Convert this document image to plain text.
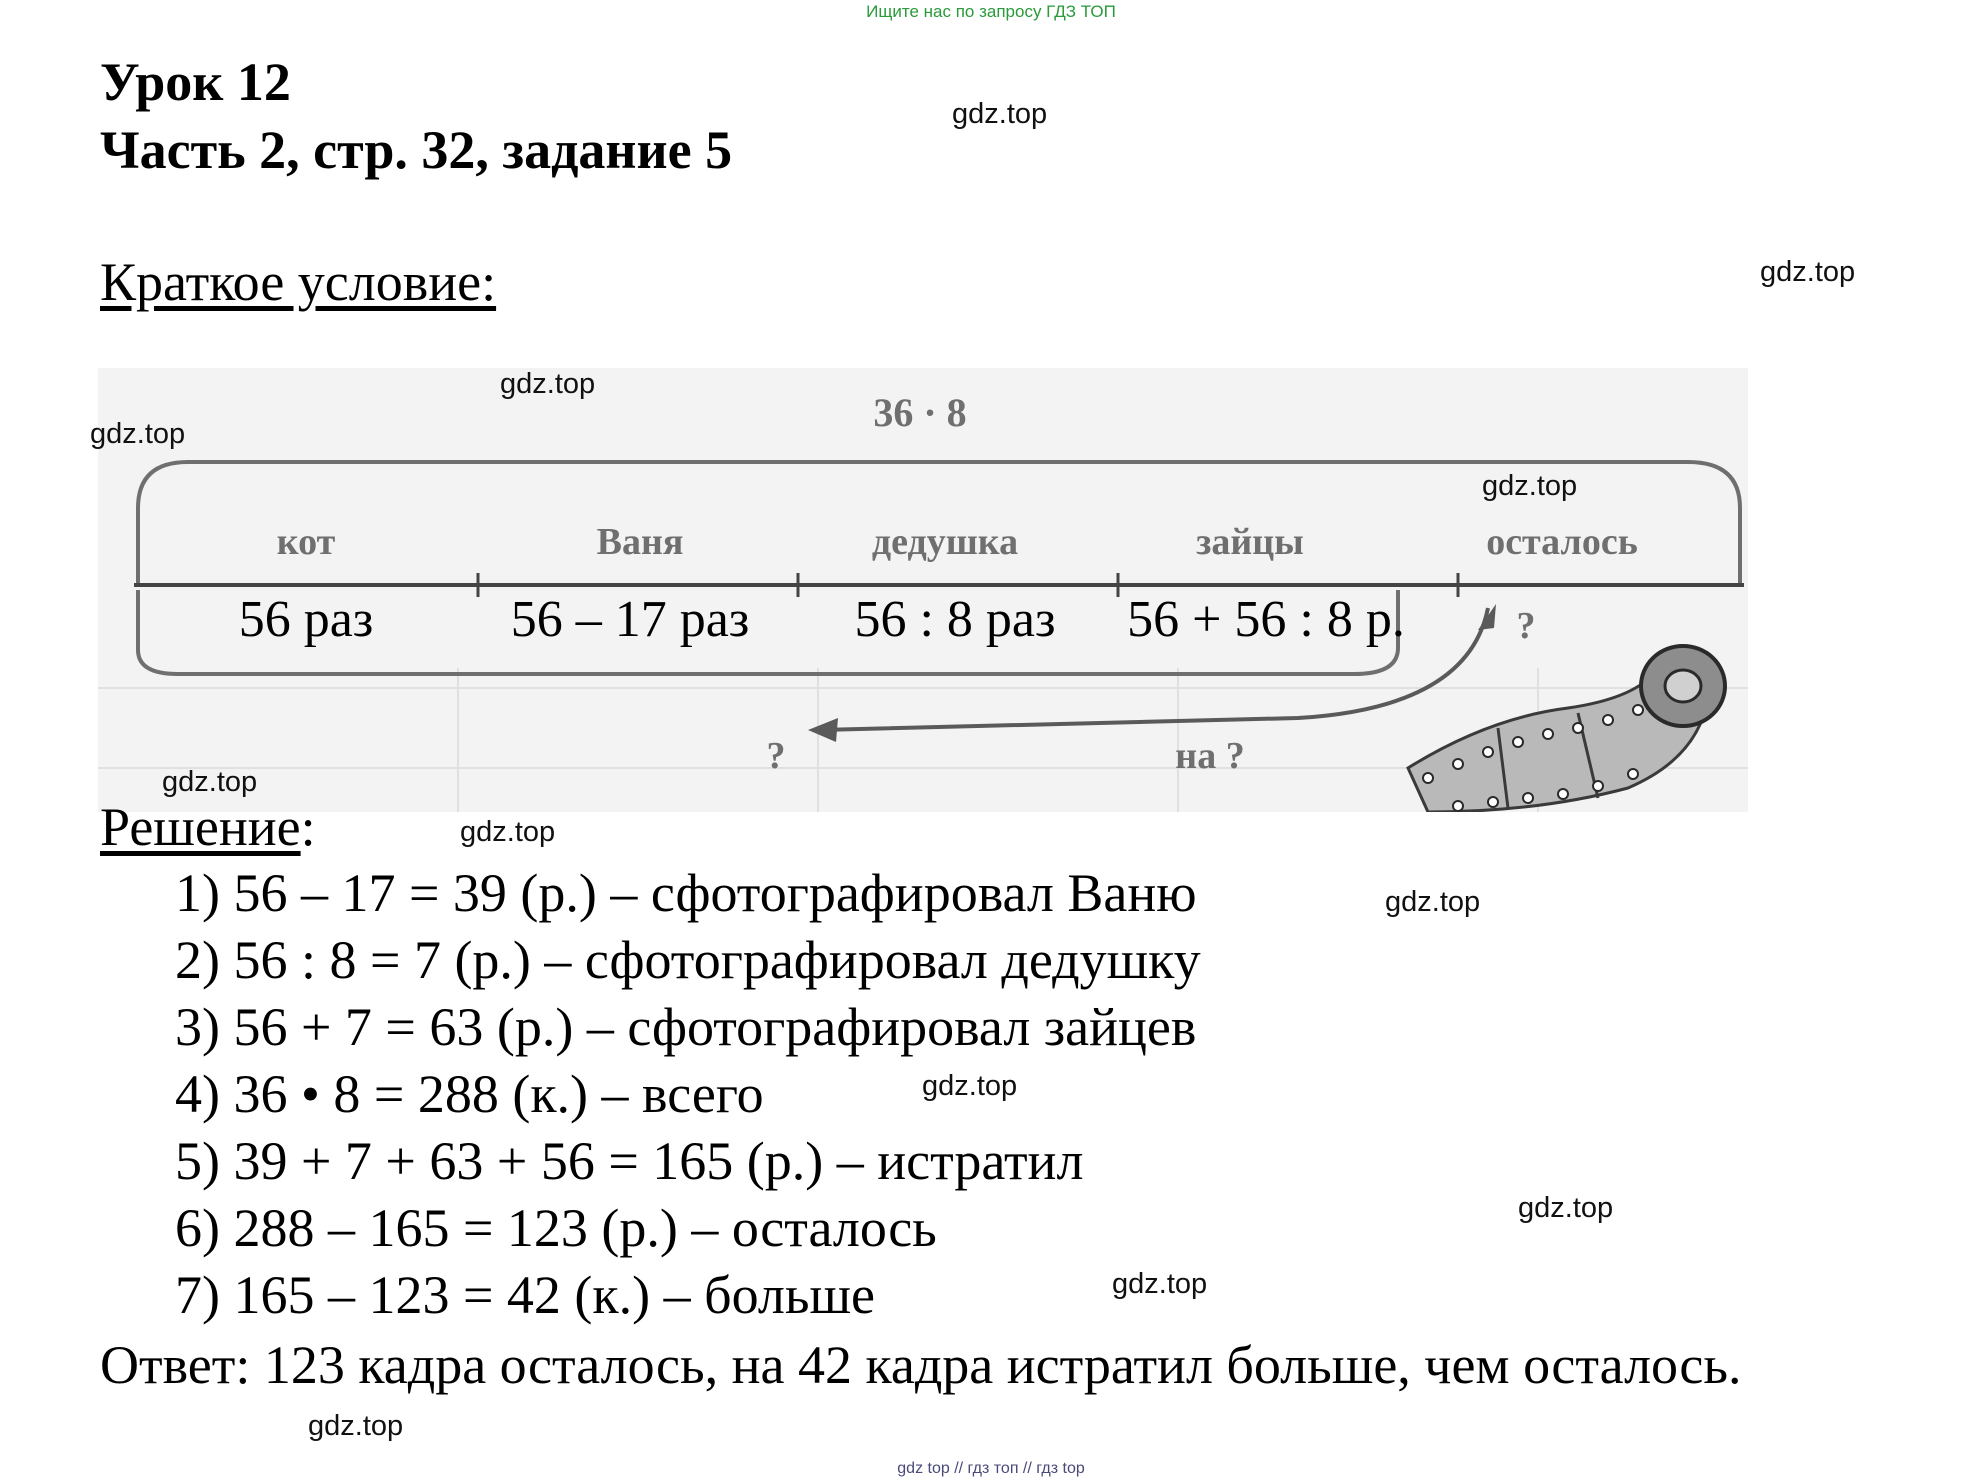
Ищите нас по запросу ГДЗ ТОП
Урок 12
Часть 2, стр. 32, задание 5
Краткое условие:
36 · 8
кот	Ваня	дедушка	зайцы	осталось
56 раз	56 – 17 раз 56 : 8 раз 56 + 56 : 8 р.	?
?	на ?
Решение:
1) 56 – 17 = 39 (р.) – сфотографировал Ваню
2) 56 : 8 = 7 (р.) – сфотографировал дедушку
3) 56 + 7 = 63 (р.) – сфотографировал зайцев
4) 36 • 8 = 288 (к.) – всего
5) 39 + 7 + 63 + 56 = 165 (р.) – истратил
6) 288 – 165 = 123 (р.) – осталось
7) 165 – 123 = 42 (к.) – больше
Ответ: 123 кадра осталось, на 42 кадра истратил больше, чем осталось.
gdz.top
gdz.top
gdz.top
gdz.top
gdz.top
gdz.top
gdz.top
gdz.top
gdz.top
gdz.top
gdz.top
gdz.top
gdz top // гдз топ // гдз top
